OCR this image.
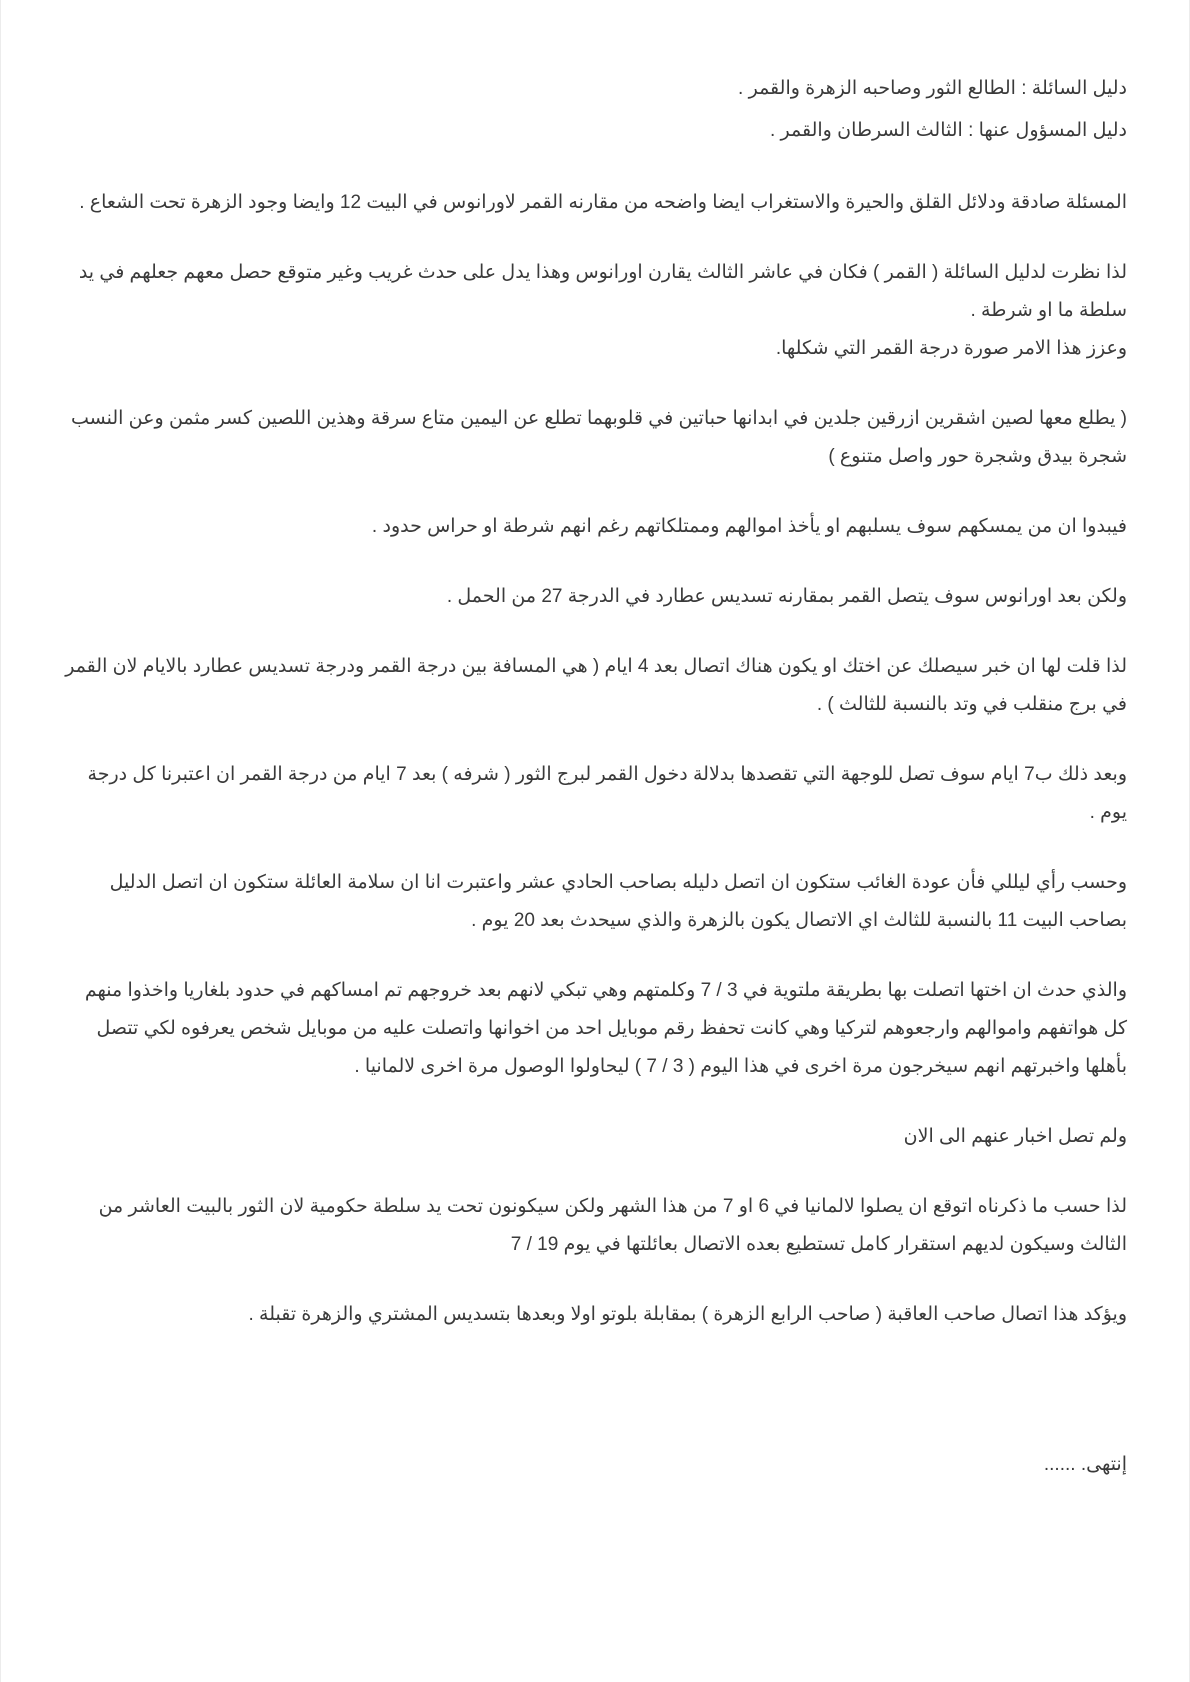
دليل السائلة : الطالع الثور وصاحبه الزهرة والقمر .

دليل المسؤول عنها : الثالث السرطان والقمر .

المسئلة صادقة ودلائل القلق والحيرة والاستغراب ايضا واضحه من مقارنه القمر لاورانوس في البيت 12 وايضا وجود الزهرة تحت الشعاع .

لذا نظرت لدليل السائلة ( القمر ) فكان في عاشر الثالث يقارن اورانوس وهذا يدل على حدث غريب وغير متوقع حصل معهم جعلهم في يد سلطة ما او شرطة .

وعزز هذا الامر صورة درجة القمر التي شكلها.

( يطلع معها لصين اشقرين ازرقين جلدين في ابدانها حباتين في قلوبهما تطلع عن اليمين متاع سرقة وهذين اللصين كسر مثمن وعن النسب شجرة بيدق وشجرة حور واصل متنوع )

فيبدوا ان من يمسكهم سوف يسلبهم او يأخذ اموالهم وممتلكاتهم رغم انهم شرطة او حراس حدود .

ولكن بعد اورانوس سوف يتصل القمر بمقارنه تسديس عطارد في الدرجة 27 من الحمل .

لذا قلت لها ان خبر سيصلك عن اختك او يكون هناك اتصال بعد 4 ايام ( هي المسافة بين درجة القمر ودرجة تسديس عطارد بالايام لان القمر في برج منقلب في وتد بالنسبة للثالث ) .

وبعد ذلك ب7 ايام سوف تصل للوجهة التي تقصدها بدلالة دخول القمر لبرج الثور ( شرفه ) بعد 7 ايام من درجة القمر ان اعتبرنا كل درجة يوم .

وحسب رأي ليللي فأن عودة الغائب ستكون ان اتصل دليله بصاحب الحادي عشر واعتبرت انا ان سلامة العائلة ستكون ان اتصل الدليل بصاحب البيت 11 بالنسبة للثالث اي الاتصال يكون بالزهرة والذي سيحدث بعد 20 يوم .

والذي حدث ان اختها اتصلت بها بطريقة ملتوية في 3 / 7 وكلمتهم وهي تبكي لانهم بعد خروجهم تم امساكهم في حدود بلغاريا واخذوا منهم كل هواتفهم واموالهم وارجعوهم لتركيا وهي كانت تحفظ رقم موبايل احد من اخوانها واتصلت عليه من موبايل شخص يعرفوه لكي تتصل بأهلها واخبرتهم انهم سيخرجون مرة اخرى في هذا اليوم ( 3 / 7 ) ليحاولوا الوصول مرة اخرى لالمانيا .

ولم تصل اخبار عنهم الى الان

لذا حسب ما ذكرناه اتوقع ان يصلوا لالمانيا في 6 او 7 من هذا الشهر ولكن سيكونون تحت يد سلطة حكومية لان الثور بالبيت العاشر من الثالث وسيكون لديهم استقرار كامل تستطيع بعده الاتصال بعائلتها في يوم 19 / 7

ويؤكد هذا اتصال صاحب العاقبة ( صاحب الرابع الزهرة ) بمقابلة بلوتو اولا وبعدها بتسديس المشتري والزهرة تقبلة .

إنتهى. ......
